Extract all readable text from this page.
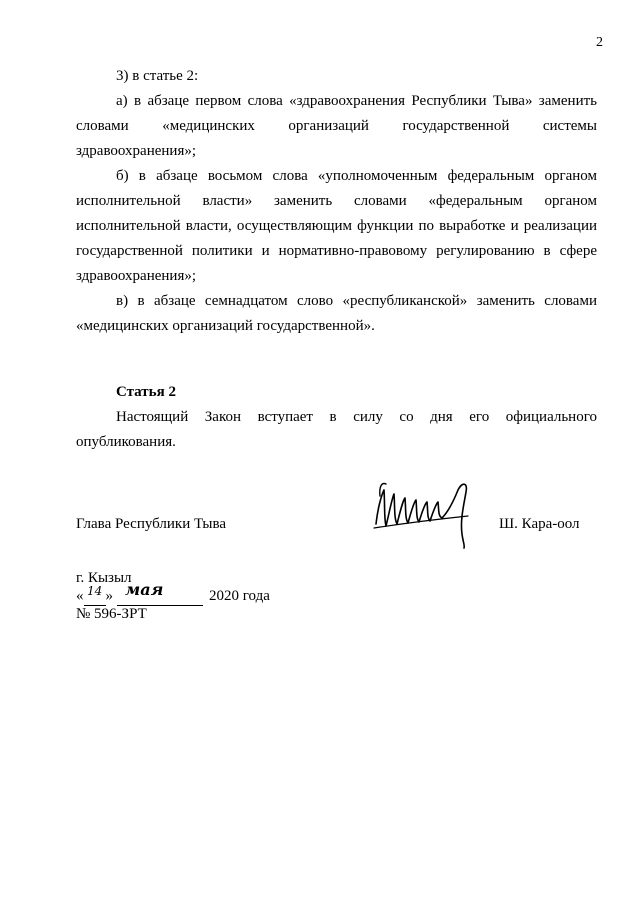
2

3) в статье 2:

а) в абзаце первом слова «здравоохранения Республики Тыва» заменить словами «медицинских организаций государственной системы здравоохранения»;

б) в абзаце восьмом слова «уполномоченным федеральным органом исполнительной власти» заменить словами «федеральным органом исполнительной власти, осуществляющим функции по выработке и реализации государственной политики и нормативно-правовому регулированию в сфере здравоохранения»;

в) в абзаце семнадцатом слово «республиканской» заменить словами «медицинских организаций государственной».

Статья 2

Настоящий Закон вступает в силу со дня его официального опубликования.

Глава Республики Тыва	Ш. Кара-оол
г. Кызыл
« 14 » мая	2020 года
№ 596-ЗРТ
